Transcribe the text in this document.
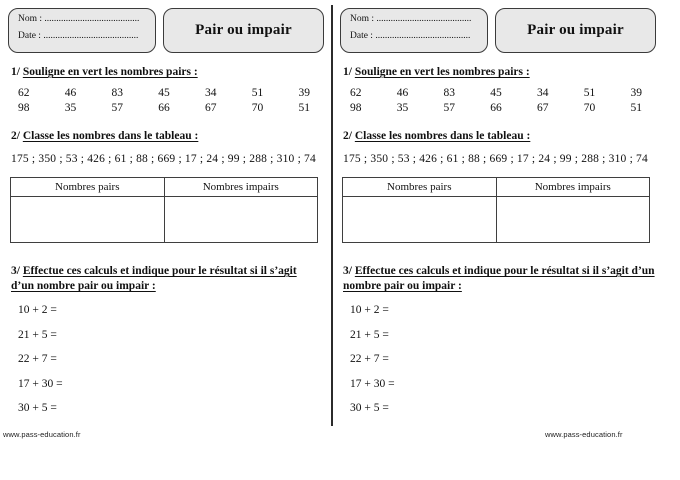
Nom : ........................................
Date : ........................................	Pair ou impair
1/ Souligne en vert les nombres pairs :
62	46	83	45	34	51	39
98	35	57	66	67	70	51
2/ Classe les nombres dans le tableau :
175 ; 350 ; 53 ; 426 ; 61 ; 88 ; 669 ; 17 ; 24 ; 99 ; 288 ; 310 ; 74
Nombres pairs	Nombres impairs

3/ Effectue ces calculs et indique pour le résultat si il s’agit
d’un nombre pair ou impair :
10 + 2 =
21 + 5 =
22 + 7 =
17 + 30 =
30 + 5 =
Nom : ........................................
Date : ........................................	Pair ou impair
1/ Souligne en vert les nombres pairs :
62	46	83	45	34	51	39
98	35	57	66	67	70	51
2/ Classe les nombres dans le tableau :
175 ; 350 ; 53 ; 426 ; 61 ; 88 ; 669 ; 17 ; 24 ; 99 ; 288 ; 310 ; 74
Nombres pairs	Nombres impairs

3/ Effectue ces calculs et indique pour le résultat si il s’agit d’un
nombre pair ou impair :
10 + 2 =
21 + 5 =
22 + 7 =
17 + 30 =
30 + 5 =
www.pass-education.fr	www.pass-education.fr
